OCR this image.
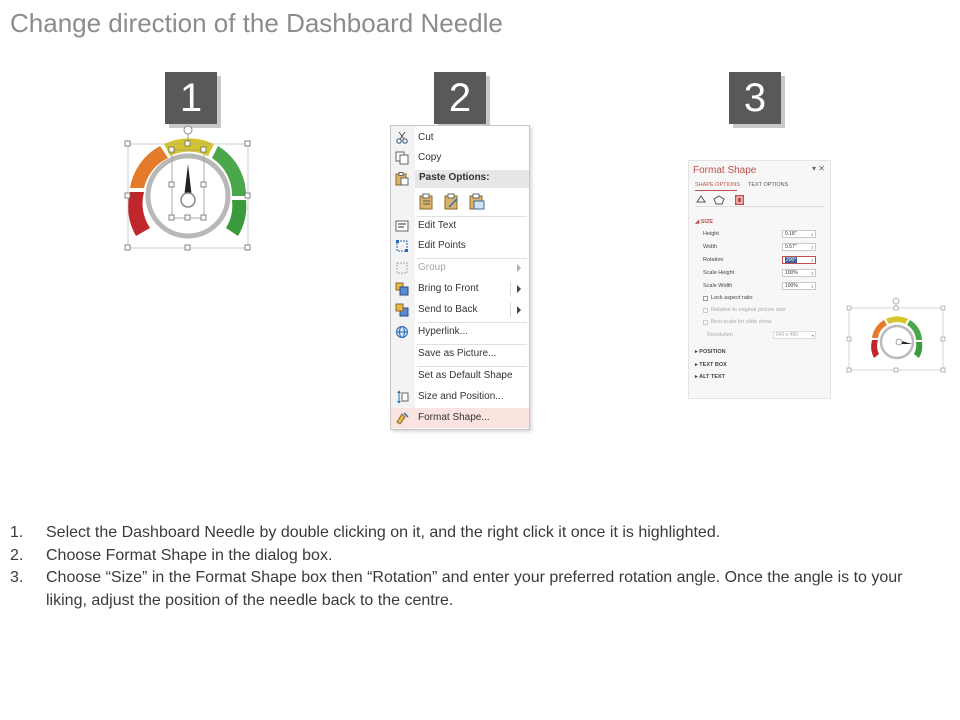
Change direction of the Dashboard Needle
1	2	3
Cut
Copy
Paste Options:
Edit Text
Edit Points
Group
Bring to Front
Send to Back
Hyperlink...
Save as Picture...
Set as Default Shape
Size and Position...
Format Shape...
Format Shape	▾ ✕
SHAPE OPTIONS TEXT OPTIONS
◢ SIZE
Height	0.18"	⇕
Width	0.57"	⇕
Rotation	200°	⇕
Scale Height	100%	⇕
Scale Width	100%	⇕
Lock aspect ratio
Relative to original picture size
Best scale for slide show
Resolution	640 x 480	▾
▸ POSITION
▸ TEXT BOX
▸ ALT TEXT
1. Select the Dashboard Needle by double clicking on it, and the right click it once it is highlighted.
2. Choose Format Shape in the dialog box.
3. Choose “Size” in the Format Shape box then “Rotation” and enter your preferred rotation angle. Once the angle is to your liking, adjust the position of the needle back to the centre.
